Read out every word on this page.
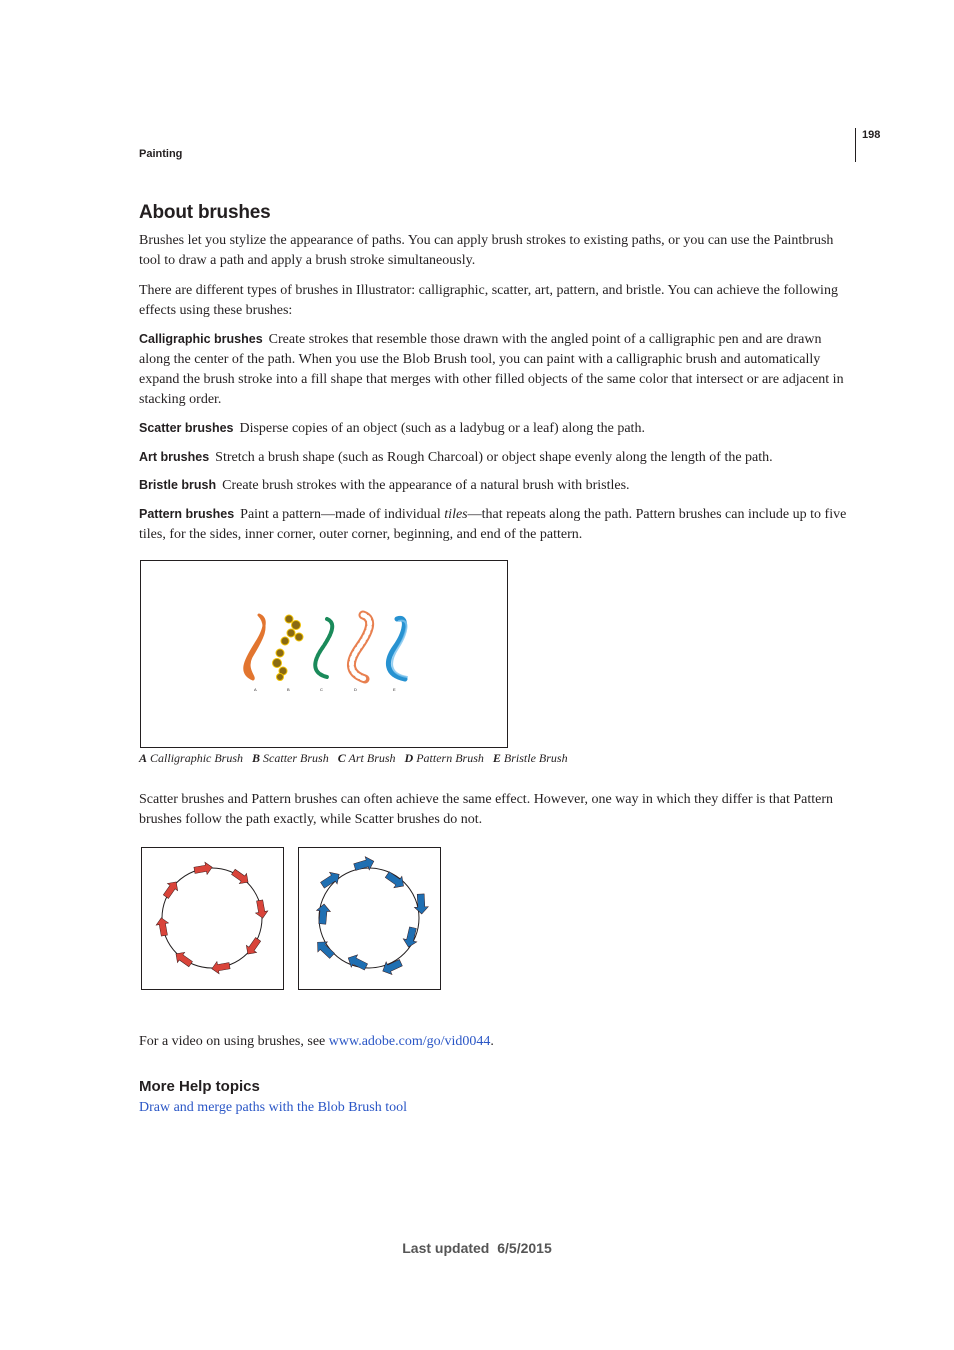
198
Painting
About brushes
Brushes let you stylize the appearance of paths. You can apply brush strokes to existing paths, or you can use the Paintbrush tool to draw a path and apply a brush stroke simultaneously.
There are different types of brushes in Illustrator: calligraphic, scatter, art, pattern, and bristle. You can achieve the following effects using these brushes:
Calligraphic brushes Create strokes that resemble those drawn with the angled point of a calligraphic pen and are drawn along the center of the path. When you use the Blob Brush tool, you can paint with a calligraphic brush and automatically expand the brush stroke into a fill shape that merges with other filled objects of the same color that intersect or are adjacent in stacking order.
Scatter brushes Disperse copies of an object (such as a ladybug or a leaf) along the path.
Art brushes Stretch a brush shape (such as Rough Charcoal) or object shape evenly along the length of the path.
Bristle brush Create brush strokes with the appearance of a natural brush with bristles.
Pattern brushes Paint a pattern—made of individual tiles—that repeats along the path. Pattern brushes can include up to five tiles, for the sides, inner corner, outer corner, beginning, and end of the pattern.
A	B	C	D	E
A Calligraphic Brush B Scatter Brush C Art Brush D Pattern Brush E Bristle Brush
Scatter brushes and Pattern brushes can often achieve the same effect. However, one way in which they differ is that Pattern brushes follow the path exactly, while Scatter brushes do not.
For a video on using brushes, see www.adobe.com/go/vid0044.
More Help topics
Draw and merge paths with the Blob Brush tool
Last updated 6/5/2015
